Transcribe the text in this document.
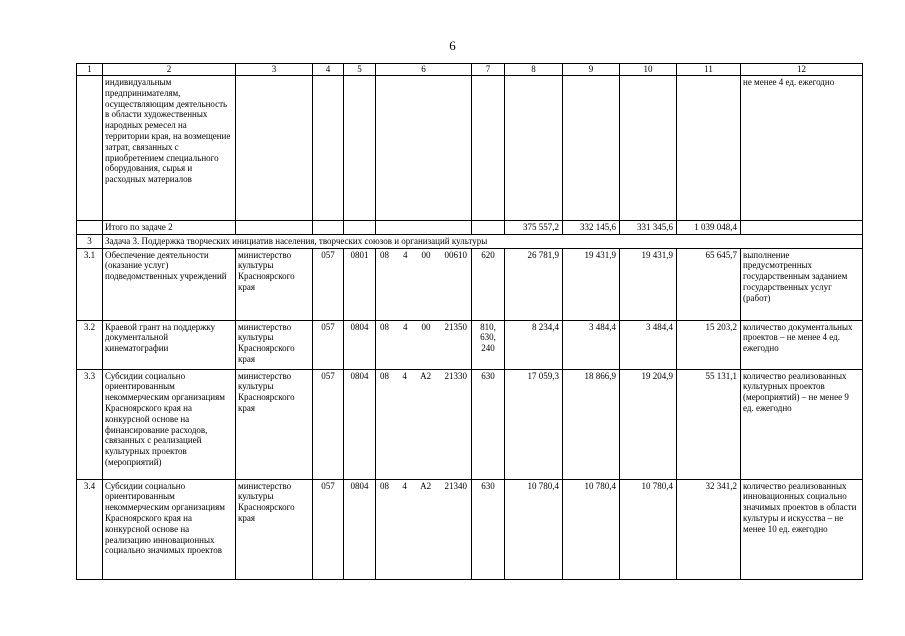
6
1	2	3	4	5	6	7	8	9	10	11	12
	индивидуальным предпринимателям, осуществляющим деятельность в области художественных народных ремесел на территории края, на возмещение затрат, связанных с приобретением специального оборудования, сырья и расходных материалов										не менее 4 ед. ежегодно
	Итого по задаче 2						375 557,2	332 145,6	331 345,6	1 039 048,4	
3	Задача 3. Поддержка творческих инициатив населения, творческих союзов и организаций культуры										
3.1	Обеспечение деятельности (оказание услуг) подведомственных учреждений	министерство культуры Красноярского края	057	0801	08 4 00 00610	620	26 781,9	19 431,9	19 431,9	65 645,7	выполнение предусмотренных государственным заданием государственных услуг (работ)
3.2	Краевой грант на поддержку документальной кинематографии	министерство культуры Красноярского края	057	0804	08 4 00 21350	810,
630,
240	8 234,4	3 484,4	3 484,4	15 203,2	количество документальных проектов – не менее 4 ед. ежегодно
3.3	Субсидии социально ориентированным некоммерческим организациям Красноярского края на конкурсной основе на финансирование расходов, связанных с реализацией культурных проектов (мероприятий)	министерство культуры Красноярского края	057	0804	08 4 А2 21330	630	17 059,3	18 866,9	19 204,9	55 131,1	количество реализованных культурных проектов (мероприятий) – не менее 9 ед. ежегодно
3.4	Субсидии социально ориентированным некоммерческим организациям Красноярского края на конкурсной основе на реализацию инновационных социально значимых проектов	министерство культуры Красноярского края	057	0804	08 4 А2 21340	630	10 780,4	10 780,4	10 780,4	32 341,2	количество реализованных инновационных социально значимых проектов в области культуры и искусства – не менее 10 ед. ежегодно
